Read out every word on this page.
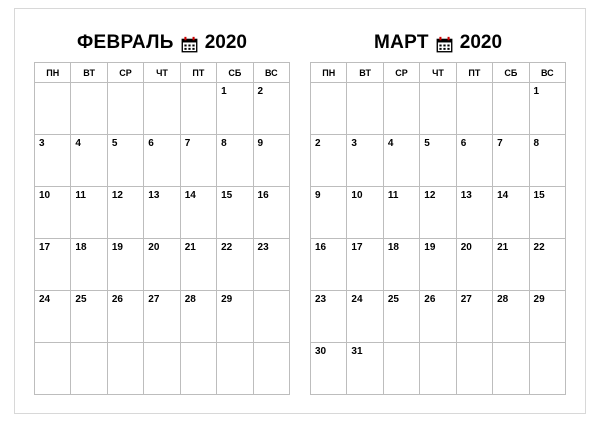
ФЕВРАЛЬ 2020
ПН	ВТ	СР	ЧТ	ПТ	СБ	ВС
					1	2
3	4	5	6	7	8	9
10	11	12	13	14	15	16
17	18	19	20	21	22	23
24	25	26	27	28	29	

МАРТ 2020
ПН	ВТ	СР	ЧТ	ПТ	СБ	ВС
						1
2	3	4	5	6	7	8
9	10	11	12	13	14	15
16	17	18	19	20	21	22
23	24	25	26	27	28	29
30	31					
